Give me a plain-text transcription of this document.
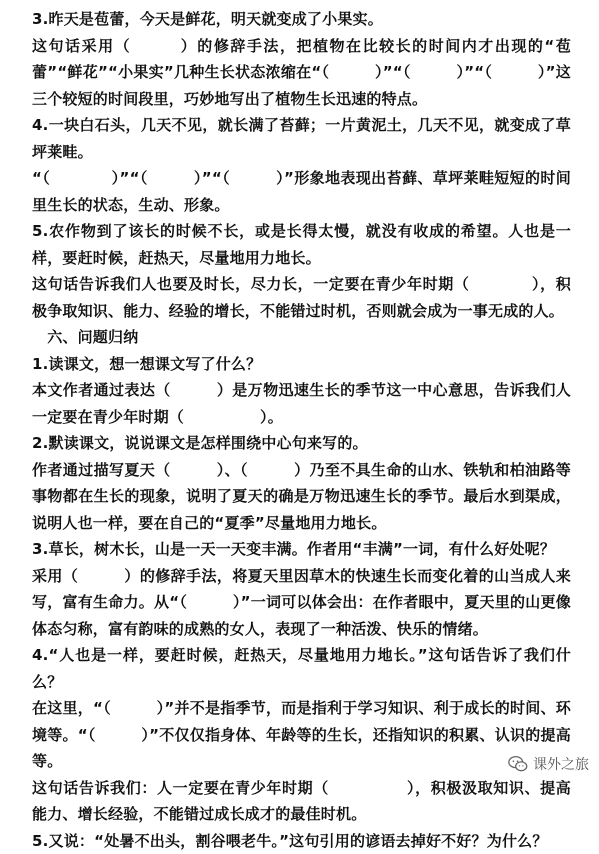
3.昨天是苞蕾，今天是鲜花，明天就变成了小果实。

这句话采用（　　　）的修辞手法，把植物在比较长的时间内才出现的“苞蕾”“鲜花”“小果实”几种生长状态浓缩在“（　　　）”“（　　　）”“（　　　）”这三个较短的时间段里，巧妙地写出了植物生长迅速的特点。

4.一块白石头，几天不见，就长满了苔藓；一片黄泥土，几天不见，就变成了草坪莱畦。

“（　　　　）”“（　　　）”“（　　　）”形象地表现出苔藓、草坪莱畦短短的时间里生长的状态，生动、形象。

5.农作物到了该长的时候不长，或是长得太慢，就没有收成的希望。人也是一样，要赶时候，赶热天，尽量地用力地长。

这句话告诉我们人也要及时长，尽力长，一定要在青少年时期（　　　　），积极争取知识、能力、经验的增长，不能错过时机，否则就会成为一事无成的人。

　六、问题归纳

1.读课文，想一想课文写了什么？

本文作者通过表达（　　　）是万物迅速生长的季节这一中心意思，告诉我们人一定要在青少年时期（　　　　　）。

2.默读课文，说说课文是怎样围绕中心句来写的。

作者通过描写夏天（　　　）、（　　　）乃至不具生命的山水、铁轨和柏油路等事物都在生长的现象，说明了夏天的确是万物迅速生长的季节。最后水到渠成，说明人也一样，要在自己的“夏季”尽量地用力地长。

3.草长，树木长，山是一天一天变丰满。作者用“丰满”一词，有什么好处呢？

采用（　　　）的修辞手法，将夏天里因草木的快速生长而变化着的山当成人来写，富有生命力。从“（　　　）”一词可以体会出：在作者眼中，夏天里的山更像体态匀称，富有韵味的成熟的女人，表现了一种活泼、快乐的情绪。

4.“人也是一样，要赶时候，赶热天，尽量地用力地长。”这句话告诉了我们什么？

在这里，“（　　　）”并不是指季节，而是指利于学习知识、利于成长的时间、环境等。“（　　　）”不仅仅指身体、年龄等的生长，还指知识的积累、认识的提高等。

这句话告诉我们：人一定要在青少年时期（　　　　　），积极汲取知识、提高能力、增长经验，不能错过成长成才的最佳时机。

5.又说：“处暑不出头，割谷喂老牛。”这句引用的谚语去掉好不好？为什么？

课外之旅
